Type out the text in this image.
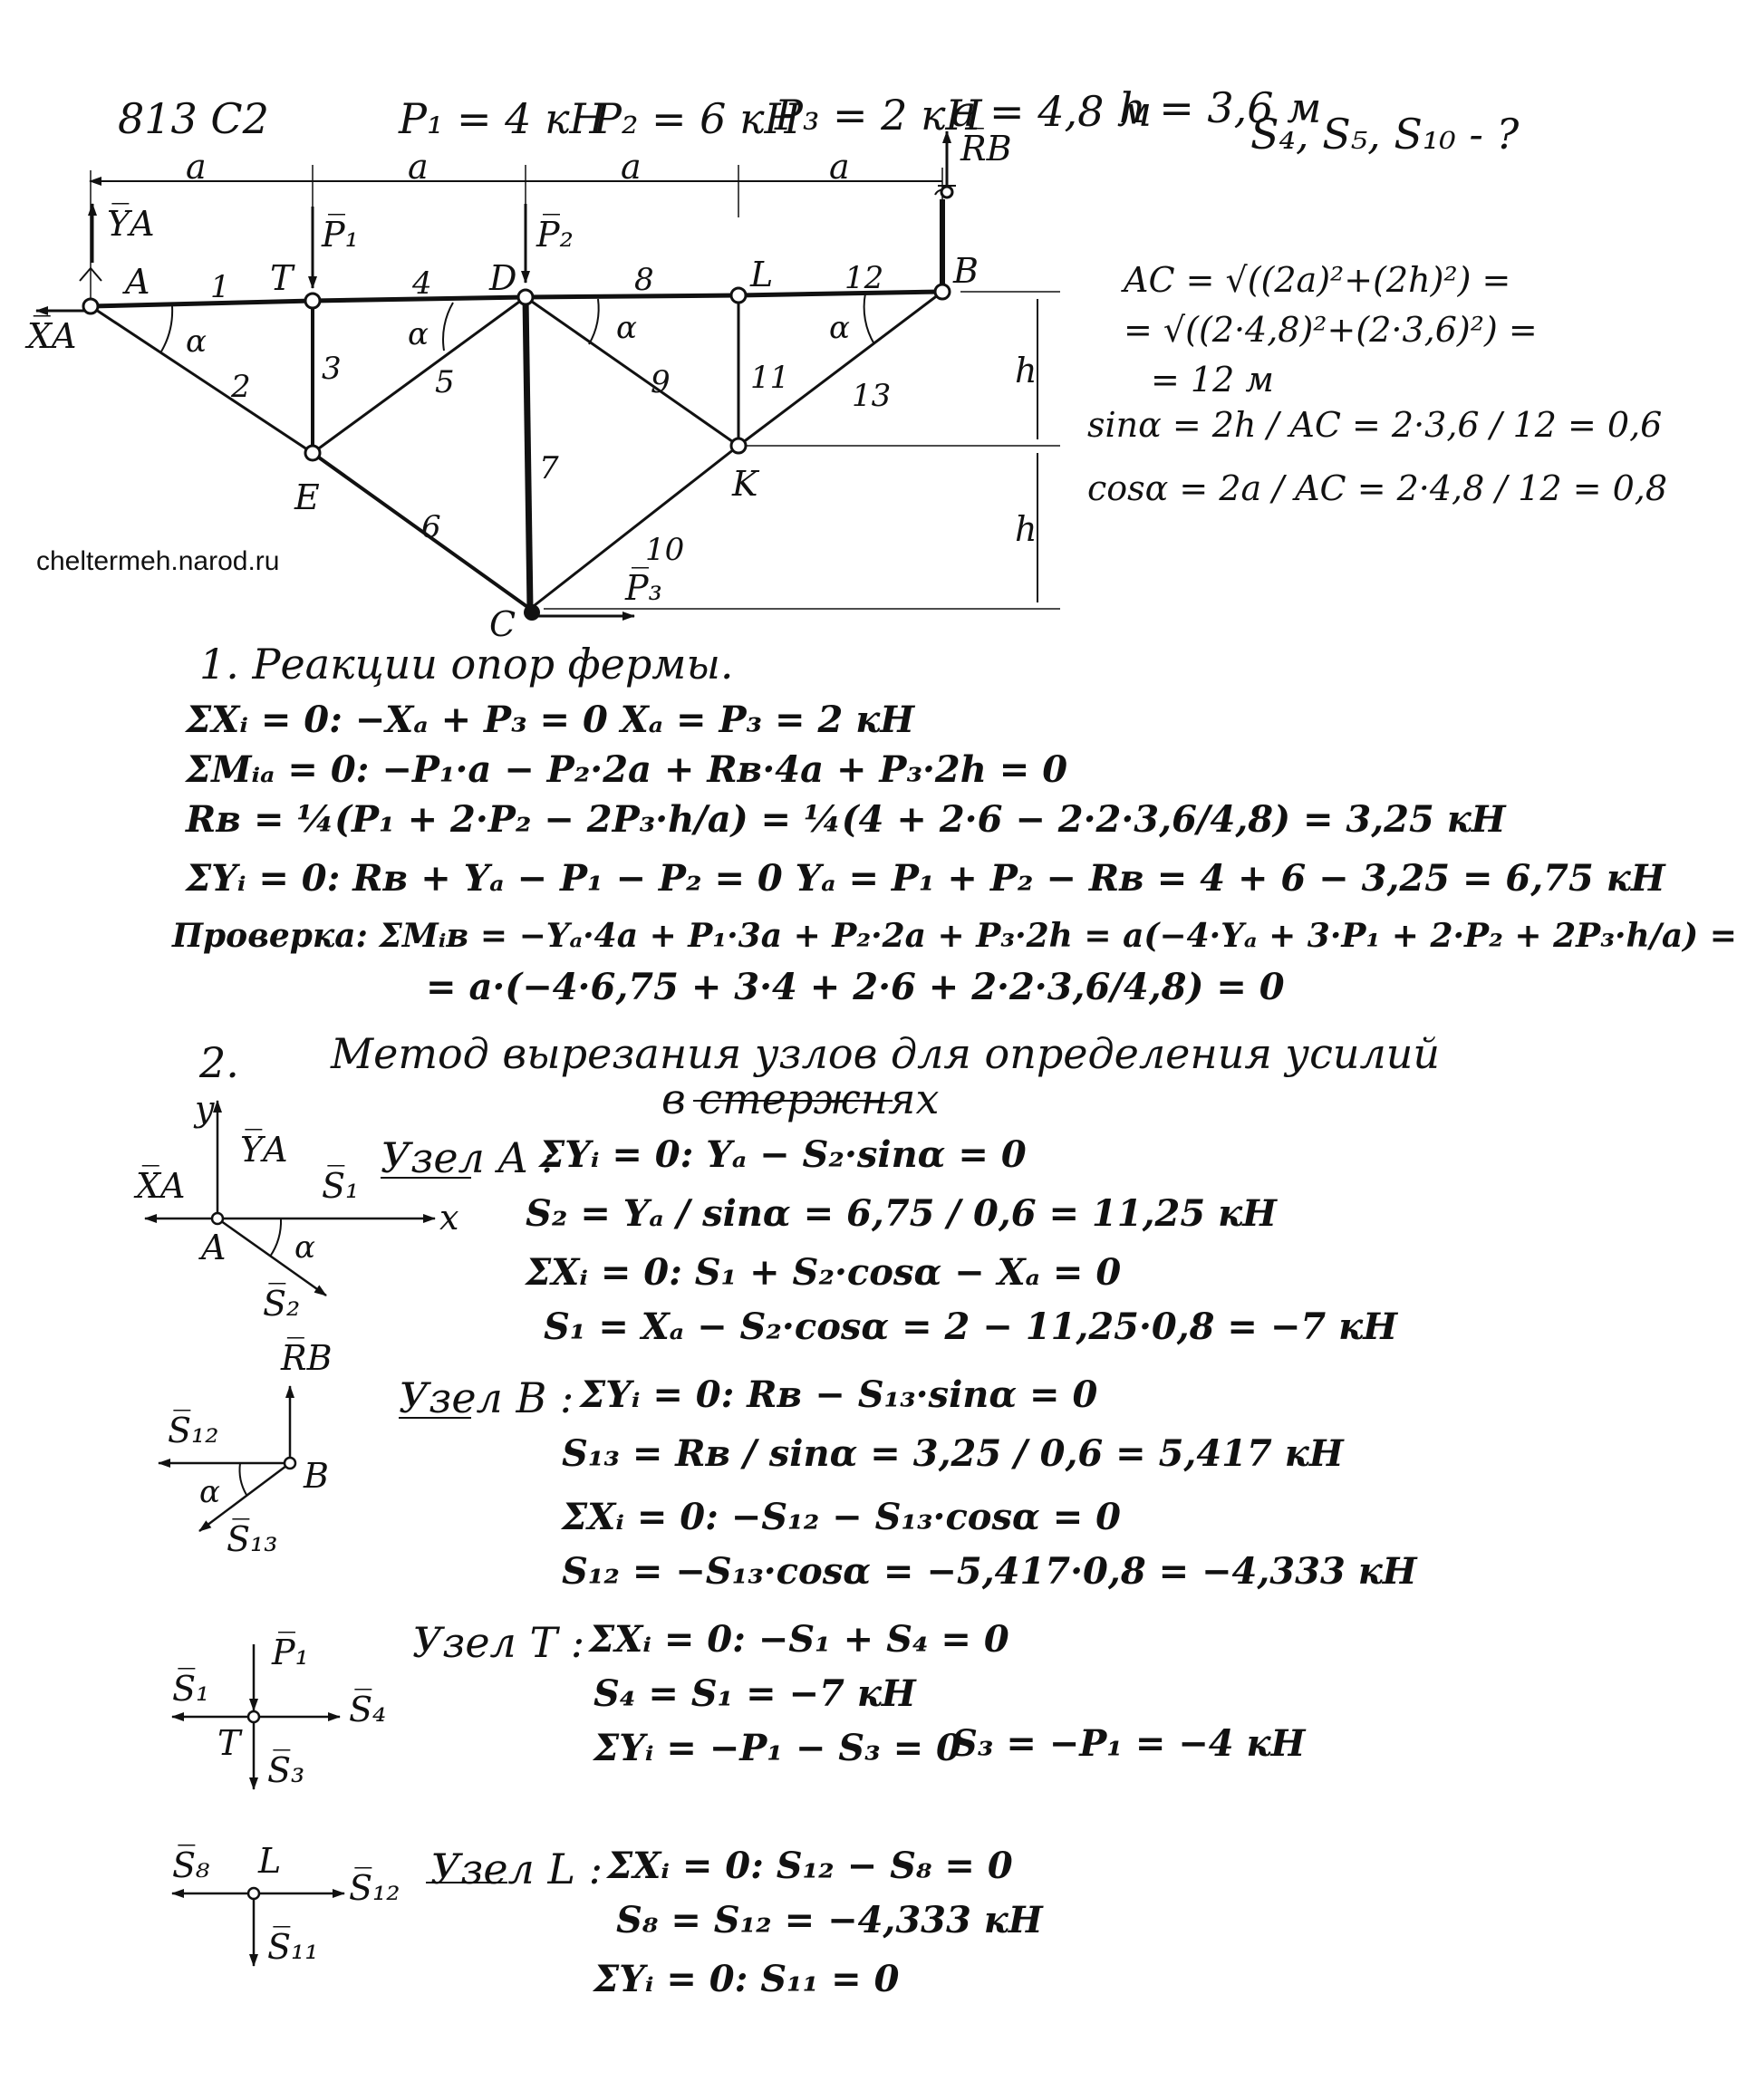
813 C2	P₁ = 4 кН
P₂ = 6 кН
P₃ = 2 кН
a = 4,8 м
h = 3,6 м
S₄, S₅, S₁₀ - ?
a	a	a	a
h
h
A	T	D	L	B
E	K
C
1
2 3
4
5
6
7
8
9
10
11
12
13
P̅₁	P̅₂
P̅₃
R̅B
Y̅A
X̅A	α	α	α	α
AC = √((2a)²+(2h)²) =
= √((2·4,8)²+(2·3,6)²) =
= 12 м
sinα = 2h / AC = 2·3,6 / 12 = 0,6
cosα = 2a / AC = 2·4,8 / 12 = 0,8
cheltermeh.narod.ru
1. Реакции опор фермы.
ΣXᵢ = 0: −Xₐ + P₃ = 0 Xₐ = P₃ = 2 кН
ΣMᵢₐ = 0: −P₁·a − P₂·2a + Rʙ·4a + P₃·2h = 0
Rʙ = ¼(P₁ + 2·P₂ − 2P₃·h/a) = ¼(4 + 2·6 − 2·2·3,6/4,8) = 3,25 кН
ΣYᵢ = 0: Rʙ + Yₐ − P₁ − P₂ = 0 Yₐ = P₁ + P₂ − Rʙ = 4 + 6 − 3,25 = 6,75 кН
Проверка: ΣMᵢʙ = −Yₐ·4a + P₁·3a + P₂·2a + P₃·2h = a(−4·Yₐ + 3·P₁ + 2·P₂ + 2P₃·h/a) =
= a·(−4·6,75 + 3·4 + 2·6 + 2·2·3,6/4,8) = 0
2. Метод вырезания узлов для определения усилий
в стержнях
y
x
Y̅A
X̅A	S̅₁
S̅₂
A α
Узел A :
ΣYᵢ = 0: Yₐ − S₂·sinα = 0
S₂ = Yₐ / sinα = 6,75 / 0,6 = 11,25 кН
ΣXᵢ = 0: S₁ + S₂·cosα − Xₐ = 0
S₁ = Xₐ − S₂·cosα = 2 − 11,25·0,8 = −7 кН
R̅B
S̅₁₂
S̅₁₃
B
α
Узел B : ΣYᵢ = 0: Rʙ − S₁₃·sinα = 0
S₁₃ = Rʙ / sinα = 3,25 / 0,6 = 5,417 кН
ΣXᵢ = 0: −S₁₂ − S₁₃·cosα = 0
S₁₂ = −S₁₃·cosα = −5,417·0,8 = −4,333 кН
P̅₁
S̅₁
S̅₄
S̅₃
T
Узел T : ΣXᵢ = 0: −S₁ + S₄ = 0
S₄ = S₁ = −7 кН
ΣYᵢ = −P₁ − S₃ = 0
S₃ = −P₁ = −4 кН
S̅₈
S̅₁₂
S̅₁₁
L	Узел L : ΣXᵢ = 0: S₁₂ − S₈ = 0
S₈ = S₁₂ = −4,333 кН
ΣYᵢ = 0: S₁₁ = 0
